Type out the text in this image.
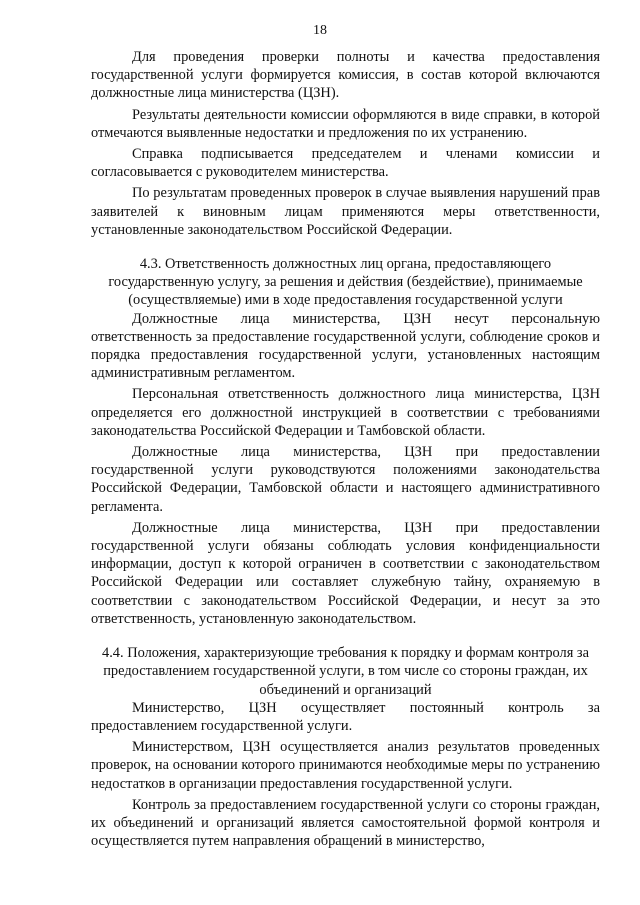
18

Для проведения проверки полноты и качества предоставления государственной услуги формируется комиссия, в состав которой включаются должностные лица министерства (ЦЗН).

Результаты деятельности комиссии оформляются в виде справки, в которой отмечаются выявленные недостатки и предложения по их устранению.

Справка подписывается председателем и членами комиссии и согласовывается с руководителем министерства.

По результатам проведенных проверок в случае выявления нарушений прав заявителей к виновным лицам применяются меры ответственности, установленные законодательством Российской Федерации.

4.3. Ответственность должностных лиц органа, предоставляющего государственную услугу, за решения и действия (бездействие), принимаемые (осуществляемые) ими в ходе предоставления государственной услуги

Должностные лица министерства, ЦЗН несут персональную ответственность за предоставление государственной услуги, соблюдение сроков и порядка предоставления государственной услуги, установленных настоящим административным регламентом.

Персональная ответственность должностного лица министерства, ЦЗН определяется его должностной инструкцией в соответствии с требованиями законодательства Российской Федерации и Тамбовской области.

Должностные лица министерства, ЦЗН при предоставлении государственной услуги руководствуются положениями законодательства Российской Федерации, Тамбовской области и настоящего административного регламента.

Должностные лица министерства, ЦЗН при предоставлении государственной услуги обязаны соблюдать условия конфиденциальности информации, доступ к которой ограничен в соответствии с законодательством Российской Федерации или составляет служебную тайну, охраняемую в соответствии с законодательством Российской Федерации, и несут за это ответственность, установленную законодательством.

4.4. Положения, характеризующие требования к порядку и формам контроля за предоставлением государственной услуги, в том числе со стороны граждан, их объединений и организаций

Министерство, ЦЗН осуществляет постоянный контроль за предоставлением государственной услуги.

Министерством, ЦЗН осуществляется анализ результатов проведенных проверок, на основании которого принимаются необходимые меры по устранению недостатков в организации предоставления государственной услуги.

Контроль за предоставлением государственной услуги со стороны граждан, их объединений и организаций является самостоятельной формой контроля и осуществляется путем направления обращений в министерство,
